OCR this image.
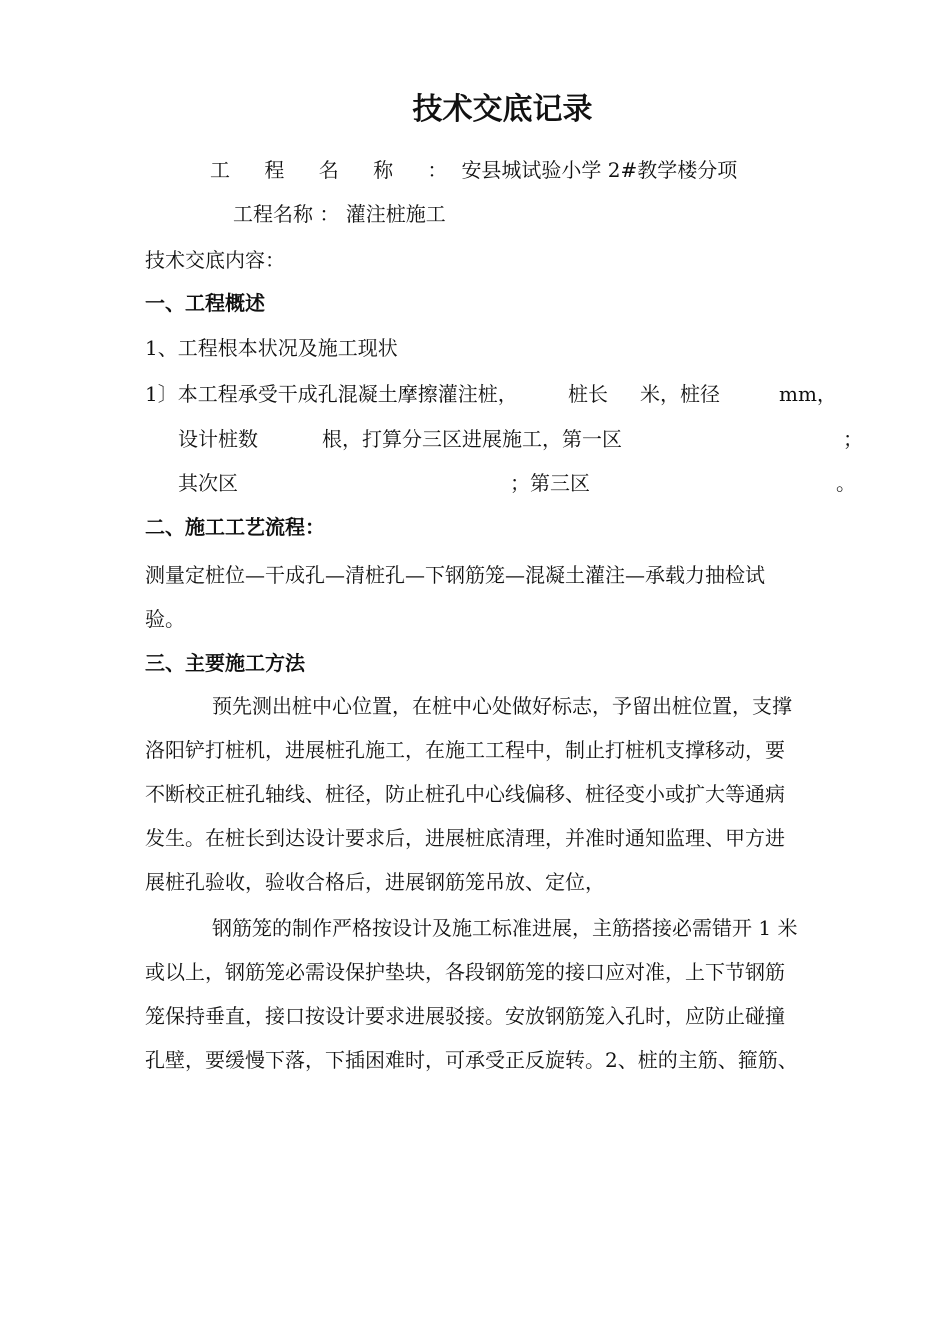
技术交底记录
工 程 名 称 ：安县城试验小学 2#教学楼分项
工程名称 ： 灌注桩施工
技术交底内容：
一、工程概述
1、工程根本状况及施工现状
1〕本工程承受干成孔混凝土摩擦灌注桩，	桩长 米，桩径	mm，
设计桩数	根，打算分三区进展施工，第一区	；
其次区	；第三区	。
二、施工工艺流程：
测量定桩位—干成孔—清桩孔—下钢筋笼—混凝土灌注—承载力抽检试
验。
三、主要施工方法
预先测出桩中心位置，在桩中心处做好标志，予留出桩位置，支撑
洛阳铲打桩机，进展桩孔施工，在施工工程中，制止打桩机支撑移动，要
不断校正桩孔轴线、桩径，防止桩孔中心线偏移、桩径变小或扩大等通病
发生。在桩长到达设计要求后，进展桩底清理，并准时通知监理、甲方进
展桩孔验收，验收合格后，进展钢筋笼吊放、定位，
钢筋笼的制作严格按设计及施工标准进展，主筋搭接必需错开 1 米
或以上，钢筋笼必需设保护垫块，各段钢筋笼的接口应对准，上下节钢筋
笼保持垂直，接口按设计要求进展驳接。安放钢筋笼入孔时，应防止碰撞
孔壁，要缓慢下落，下插困难时，可承受正反旋转。2、桩的主筋、箍筋、
